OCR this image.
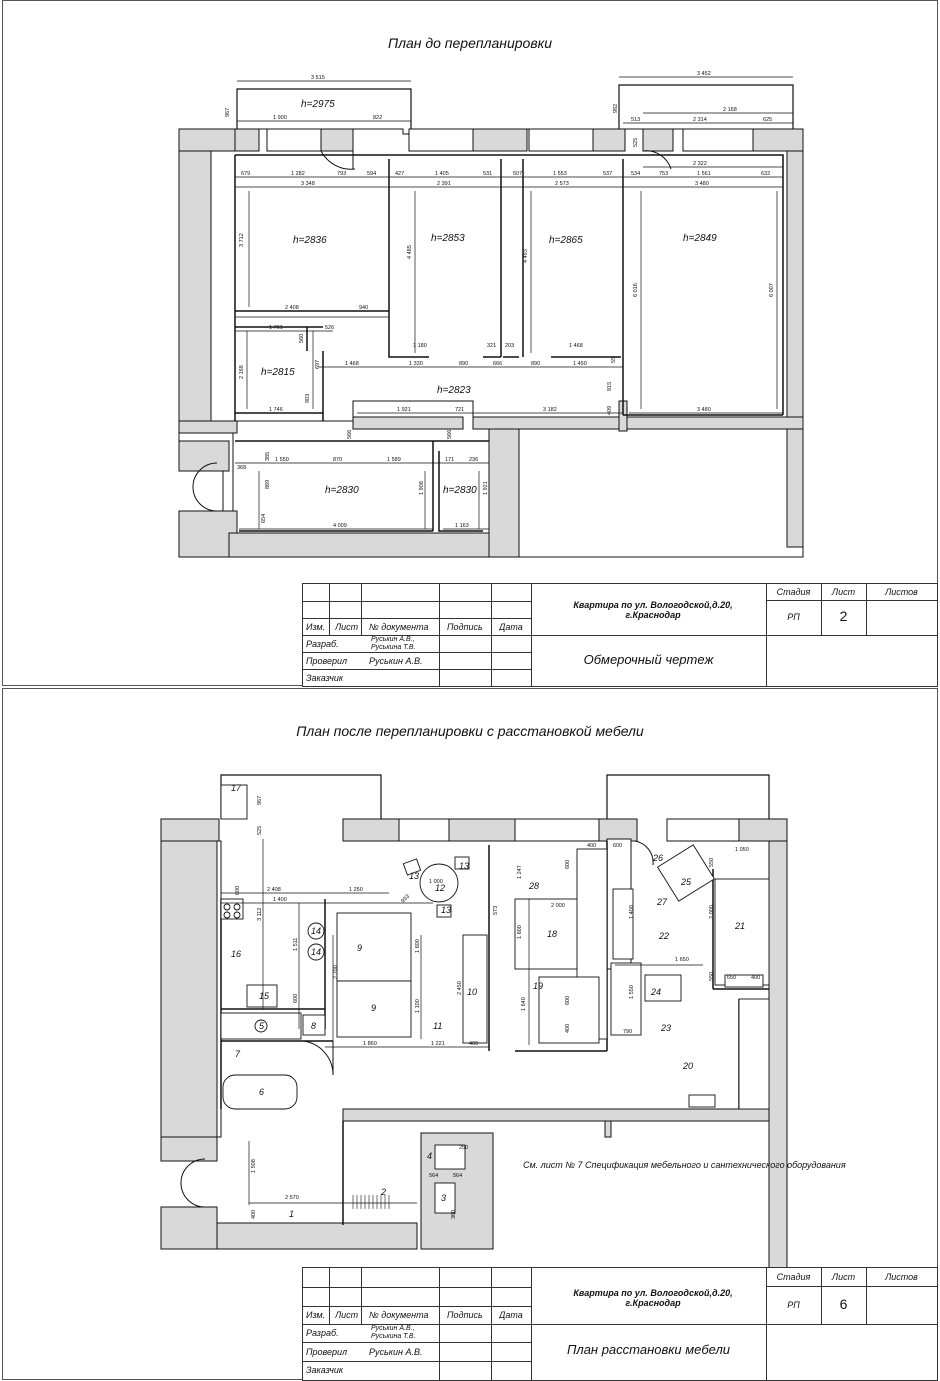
План до перепланировки
h=2975
h=2836	h=2853	h=2865	h=2849
h=2815
h=2823
h=2830	h=2830
3 515
1 900	822
3 452
2 168
2 314	625
513
2 322
679	1 282	793	594	427	1 405	531	507	1 553	537	534	753	1 561	632
3 348	2 391	2 573	3 480
2 408	940
1 761	526
1 180	321 203	1 468
1 468	1 330	890	666	890	1 450
1 746	1 921	721	3 182	3 480
368
1 550	870	1 589	171	236
4 009	1 163
967	982
525
3 712
4 485	4 493
6 016	6 007
560
697	55
2 168
903
815
409
566	566
385
869	1 908	1 921
654
Квартира по ул. Вологодской,д.20,
г.Краснодар
Стадия	Лист	Листов
РП	2
Изм. Лист № документа Подпись Дата
Разраб.	Руськин А.В.,
Руськина Т.В.
Проверил Руськин А.В.
Заказчик
Обмерочный чертеж
План после перепланировки с расстановкой мебели
17
16
15
5
7
6
14
14
13
13
13
12
9
9
10
11
28
18
19
27
22
23
26
25
21
24
20
1
2
3
4
8
2 408	1 250
1 400
1 000
1 860	1 221	400
2 000
400	600
1 050
1 650
650	400
790
2 570
250
564	564
967
525
933
600
3 112
1 511
2 700
1 600
1 100
2 450
600
573
1 247
1 600
1 640
600
1 400
600
400
550
2 000
550
1 550
1 508
400	360
См. лист № 7 Спецификация мебельного и сантехнического оборудования
Квартира по ул. Вологодской,д.20,
г.Краснодар
Стадия	Лист	Листов
РП	6
Изм. Лист № документа Подпись Дата
Разраб.	Руськин А.В.,
Руськина Т.В.
Проверил Руськин А.В.
Заказчик
План расстановки мебели
